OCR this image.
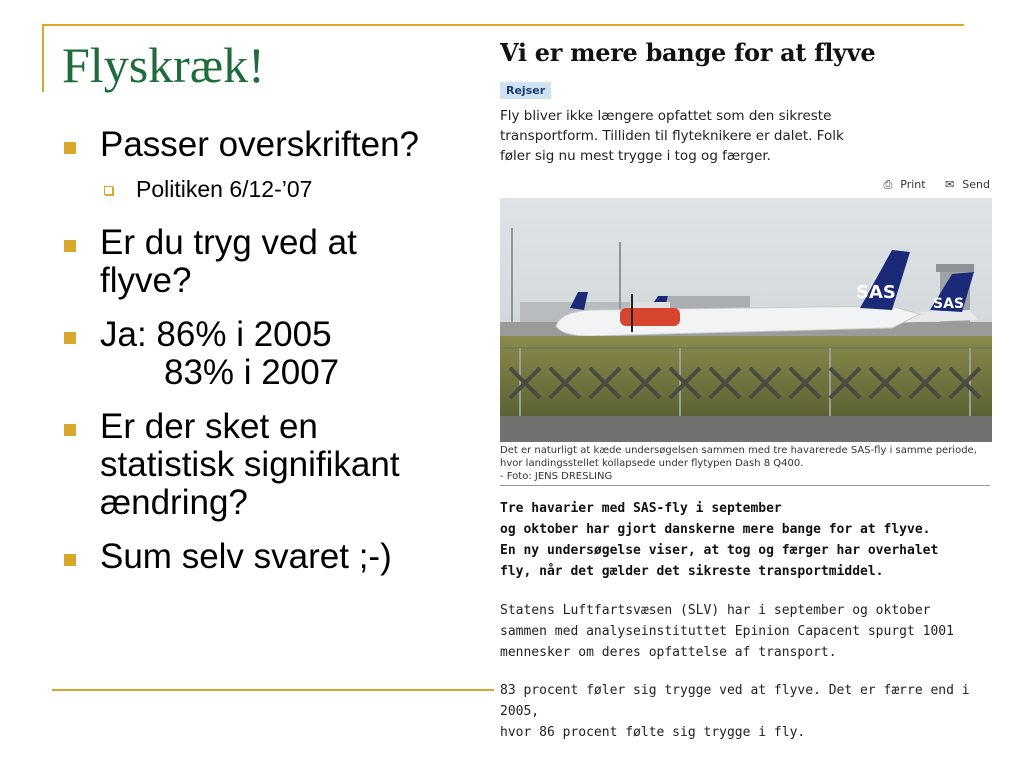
Flyskræk!
Passer overskriften?
Politiken 6/12-’07
Er du tryg ved at
flyve?
Ja: 86% i 2005
83% i 2007
Er der sket en
statistisk signifikant
ændring?
Sum selv svaret ;-)
Vi er mere bange for at flyve
Rejser
Fly bliver ikke længere opfattet som den sikreste
transportform. Tilliden til flyteknikere er dalet. Folk
føler sig nu mest trygge i tog og færger.
⎙ Print ✉ Send
SAS
SAS
Det er naturligt at kæde undersøgelsen sammen med tre havarerede SAS-fly i samme periode,
hvor landingsstellet kollapsede under flytypen Dash 8 Q400.
- Foto: JENS DRESLING
Tre havarier med SAS-fly i september
og oktober har gjort danskerne mere bange for at flyve.
En ny undersøgelse viser, at tog og færger har overhalet
fly, når det gælder det sikreste transportmiddel.
Statens Luftfartsvæsen (SLV) har i september og oktober
sammen med analyseinstituttet Epinion Capacent spurgt 1001
mennesker om deres opfattelse af transport.
83 procent føler sig trygge ved at flyve. Det er færre end i 2005,
hvor 86 procent følte sig trygge i fly.
